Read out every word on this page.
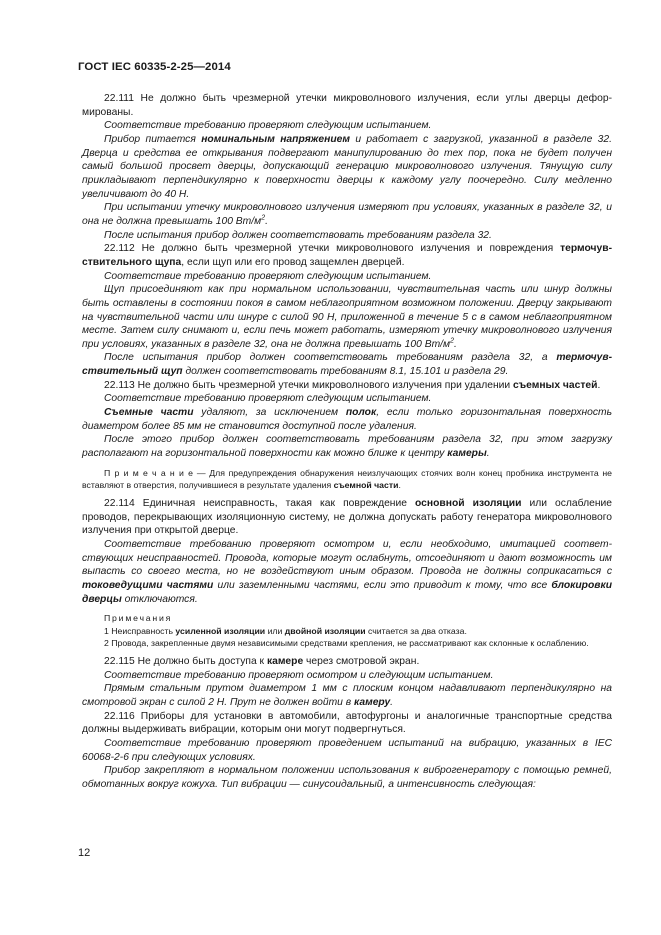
ГОСТ IEC 60335-2-25—2014

22.111 Не должно быть чрезмерной утечки микроволнового излучения, если углы дверцы деформированы.

Соответствие требованию проверяют следующим испытанием.

Прибор питается номинальным напряжением и работает с загрузкой, указанной в разделе 32. Дверца и средства ее открывания подвергают манипулированию до тех пор, пока не будет получен самый большой просвет дверцы, допускающий генерацию микроволнового излучения. Тянущую силу прикладывают перпендикулярно к поверхности дверцы к каждому углу поочередно. Силу медленно увеличивают до 40 Н.

При испытании утечку микроволнового излучения измеряют при условиях, указанных в разделе 32, и она не должна превышать 100 $Вт/м^2$.

После испытания прибор должен соответствовать требованиям раздела 32.

22.112 Не должно быть чрезмерной утечки микроволнового излучения и повреждения термочувствительного щупа, если щуп или его провод защемлен дверцей.

Соответствие требованию проверяют следующим испытанием.

Щуп присоединяют как при нормальном использовании, чувствительная часть или шнур должны быть оставлены в состоянии покоя в самом неблагоприятном возможном положении. Дверцу закрывают на чувствительной части или шнуре с силой 90 Н, приложенной в течение 5 с в самом неблагоприятном месте. Затем силу снимают и, если печь может работать, измеряют утечку микроволнового излучения при условиях, указанных в разделе 32, она не должна превышать 100 $Вт/м^2$.

После испытания прибор должен соответствовать требованиям раздела 32, а термочувствительный щуп должен соответствовать требованиям 8.1, 15.101 и раздела 29.

22.113 Не должно быть чрезмерной утечки микроволнового излучения при удалении съемных частей.

Соответствие требованию проверяют следующим испытанием.

Съемные части удаляют, за исключением полок, если только горизонтальная поверхность диаметром более 85 мм не становится доступной после удаления.

После этого прибор должен соответствовать требованиям раздела 32, при этом загрузку располагают на горизонтальной поверхности как можно ближе к центру камеры.

П р и м е ч а н и е — Для предупреждения обнаружения неизлучающих стоячих волн конец пробника инструмента не вставляют в отверстия, получившиеся в результате удаления съемной части.

22.114 Единичная неисправность, такая как повреждение основной изоляции или ослабление проводов, перекрывающих изоляционную систему, не должна допускать работу генератора микроволнового излучения при открытой дверце.

Соответствие требованию проверяют осмотром и, если необходимо, имитацией соответствующих неисправностей. Провода, которые могут ослабнуть, отсоединяют и дают возможность им выпасть со своего места, но не воздействуют иным образом. Провода не должны соприкасаться с токоведущими частями или заземленными частями, если это приводит к тому, что все блокировки дверцы отключаются.

Примечания

1 Неисправность усиленной изоляции или двойной изоляции считается за два отказа.

2 Провода, закрепленные двумя независимыми средствами крепления, не рассматривают как склонные к ослаблению.

22.115 Не должно быть доступа к камере через смотровой экран.

Соответствие требованию проверяют осмотром и следующим испытанием.

Прямым стальным прутом диаметром 1 мм с плоским концом надавливают перпендикулярно на смотровой экран с силой 2 Н. Прут не должен войти в камеру.

22.116 Приборы для установки в автомобили, автофургоны и аналогичные транспортные средства должны выдерживать вибрации, которым они могут подвергнуться.

Соответствие требованию проверяют проведением испытаний на вибрацию, указанных в IEC 60068-2-6 при следующих условиях.

Прибор закрепляют в нормальном положении использования к виброгенератору с помощью ремней, обмотанных вокруг кожуха. Тип вибрации — синусоидальный, а интенсивность следующая:

12
